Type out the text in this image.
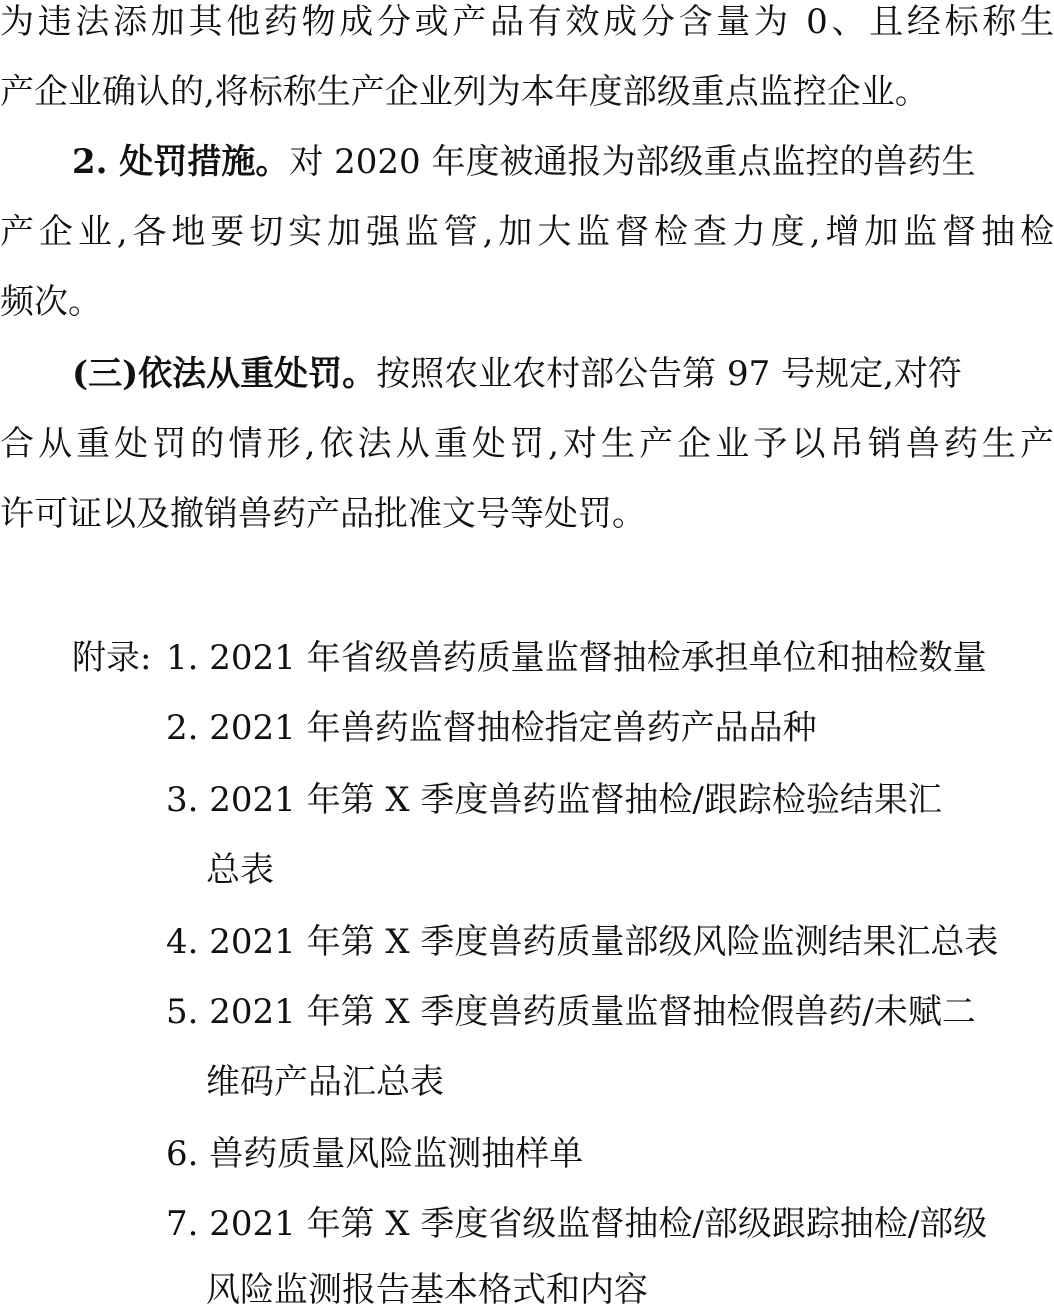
为违法添加其他药物成分或产品有效成分含量为 0、且经标称生
产企业确认的,将标称生产企业列为本年度部级重点监控企业。
2. 处罚措施。对 2020 年度被通报为部级重点监控的兽药生
产企业,各地要切实加强监管,加大监督检查力度,增加监督抽检
频次。
(三)依法从重处罚。按照农业农村部公告第 97 号规定,对符
合从重处罚的情形,依法从重处罚,对生产企业予以吊销兽药生产
许可证以及撤销兽药产品批准文号等处罚。
附录: 1. 2021 年省级兽药质量监督抽检承担单位和抽检数量
2. 2021 年兽药监督抽检指定兽药产品品种
3. 2021 年第 X 季度兽药监督抽检/跟踪检验结果汇
总表
4. 2021 年第 X 季度兽药质量部级风险监测结果汇总表
5. 2021 年第 X 季度兽药质量监督抽检假兽药/未赋二
维码产品汇总表
6. 兽药质量风险监测抽样单
7. 2021 年第 X 季度省级监督抽检/部级跟踪抽检/部级
风险监测报告基本格式和内容
